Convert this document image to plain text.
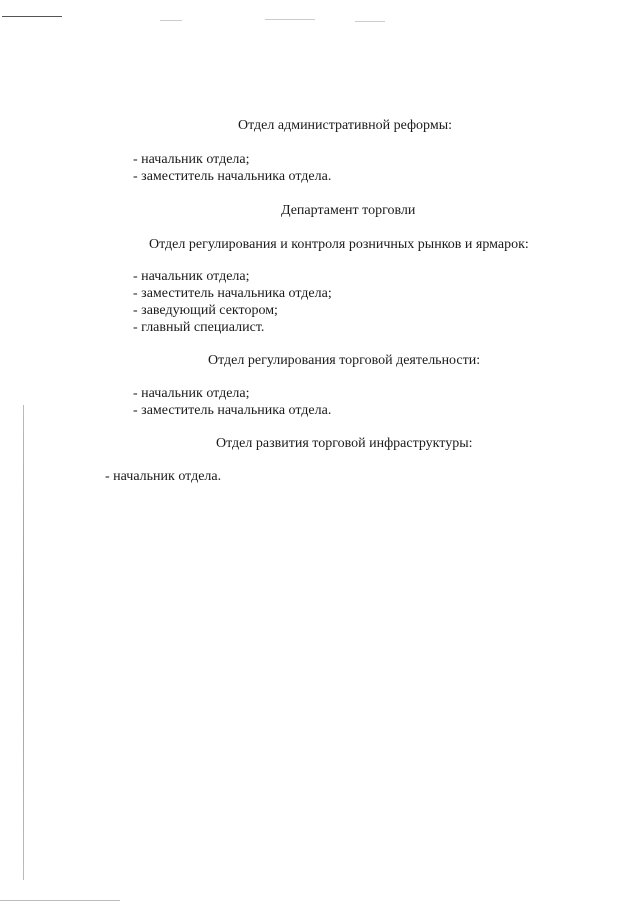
Отдел административной реформы:
- начальник отдела;
- заместитель начальника отдела.
Департамент торговли
Отдел регулирования и контроля розничных рынков и ярмарок:
- начальник отдела;
- заместитель начальника отдела;
- заведующий сектором;
- главный специалист.
Отдел регулирования торговой деятельности:
- начальник отдела;
- заместитель начальника отдела.
Отдел развития торговой инфраструктуры:
- начальник отдела.
